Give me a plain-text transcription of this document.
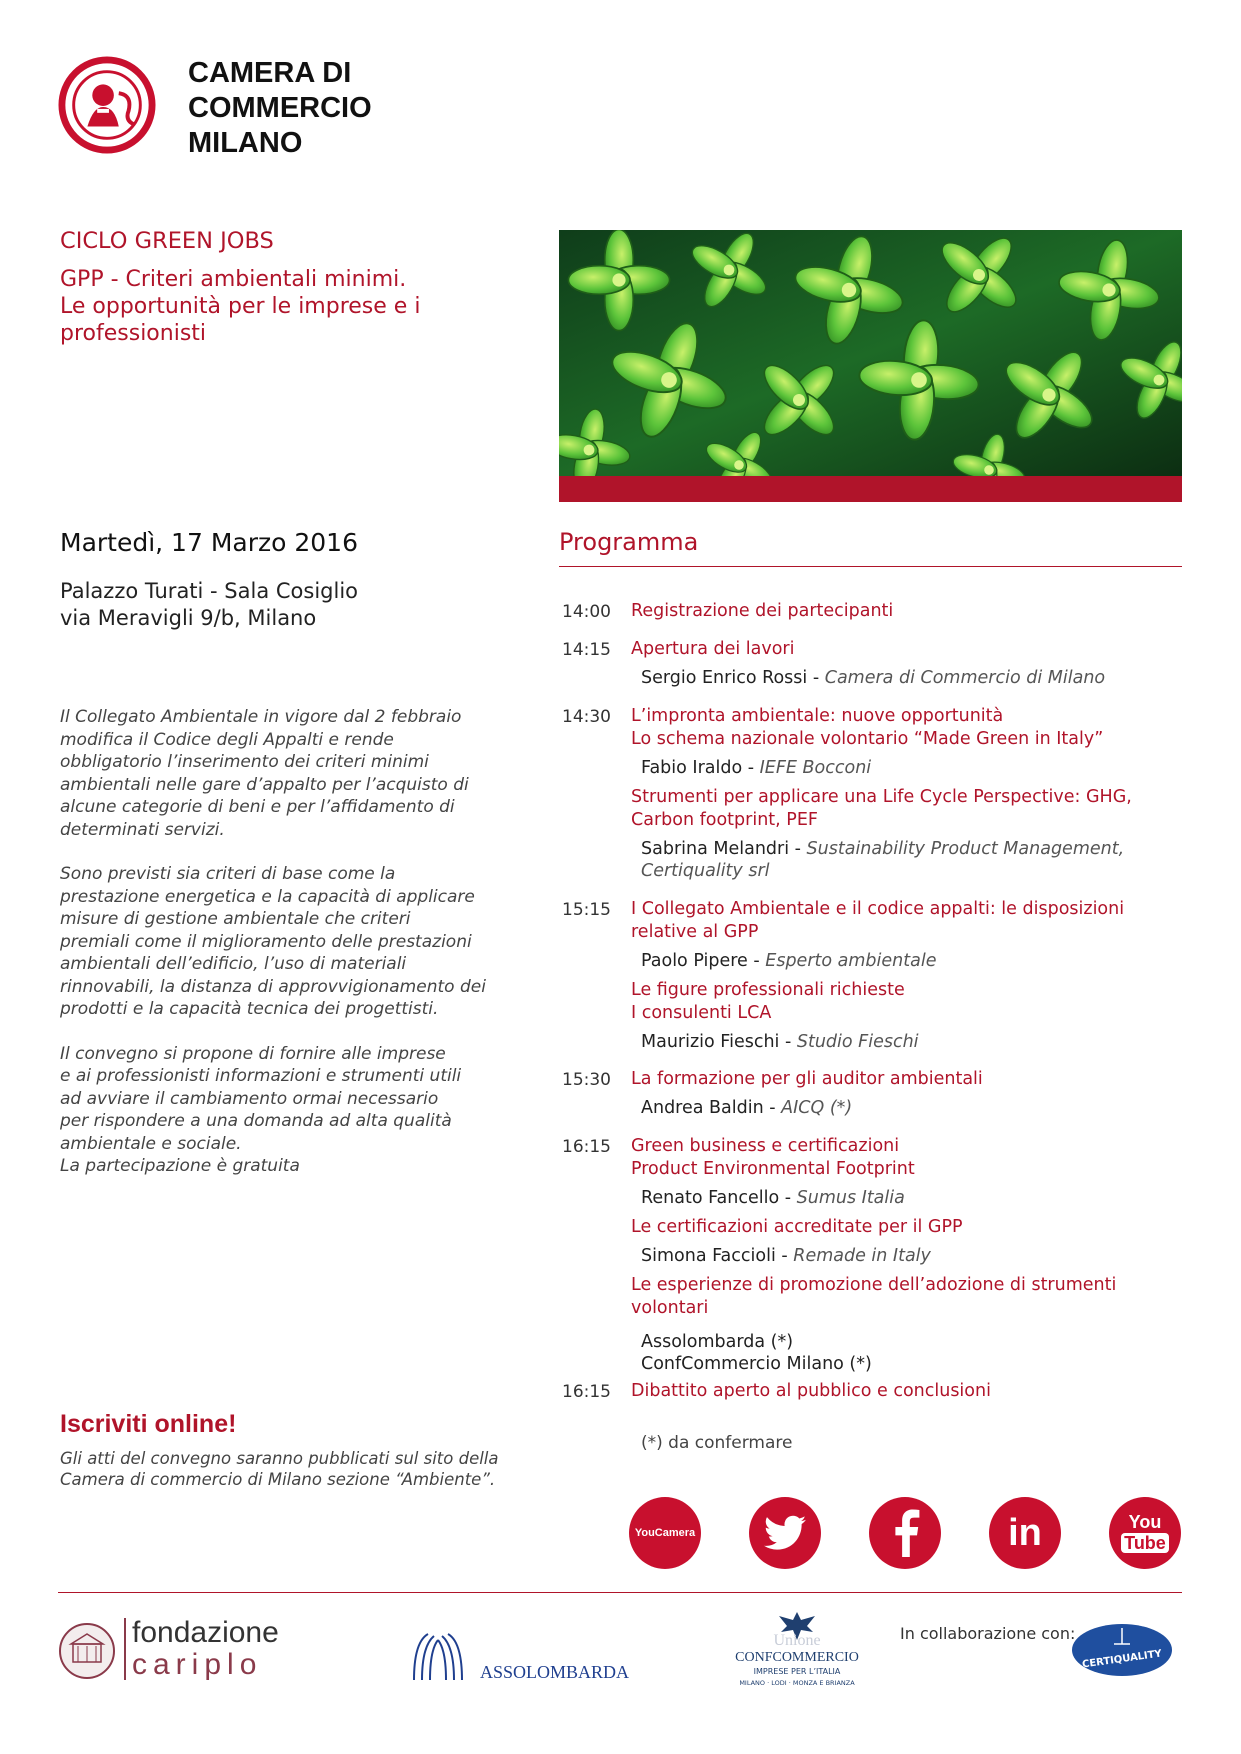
CAMERA DI
COMMERCIO
MILANO
CICLO GREEN JOBS
GPP - Criteri ambientali minimi.
Le opportunità per le imprese e i
professionisti
Martedì, 17 Marzo 2016
Palazzo Turati - Sala Cosiglio
via Meravigli 9/b, Milano

Il Collegato Ambientale in vigore dal 2 febbraio
modifica il Codice degli Appalti e rende
obbligatorio l’inserimento dei criteri minimi
ambientali nelle gare d’appalto per l’acquisto di
alcune categorie di beni e per l’affidamento di
determinati servizi.

Sono previsti sia criteri di base come la
prestazione energetica e la capacità di applicare
misure di gestione ambientale che criteri
premiali come il miglioramento delle prestazioni
ambientali dell’edificio, l’uso di materiali
rinnovabili, la distanza di approvvigionamento dei
prodotti e la capacità tecnica dei progettisti.

Il convegno si propone di fornire alle imprese
e ai professionisti informazioni e strumenti utili
ad avviare il cambiamento ormai necessario
per rispondere a una domanda ad alta qualità
ambientale e sociale.
La partecipazione è gratuita

Iscriviti online!
Gli atti del convegno saranno pubblicati sul sito della
Camera di commercio di Milano sezione “Ambiente”.
Programma
14:00 Registrazione dei partecipanti
14:15 Apertura dei lavori
Sergio Enrico Rossi - Camera di Commercio di Milano
14:30 L’impronta ambientale: nuove opportunità
Lo schema nazionale volontario “Made Green in Italy”
Fabio Iraldo - IEFE Bocconi
Strumenti per applicare una Life Cycle Perspective: GHG,
Carbon footprint, PEF
Sabrina Melandri - Sustainability Product Management,
Certiquality srl
15:15 I Collegato Ambientale e il codice appalti: le disposizioni
relative al GPP
Paolo Pipere - Esperto ambientale
Le figure professionali richieste
I consulenti LCA
Maurizio Fieschi - Studio Fieschi
15:30 La formazione per gli auditor ambientali
Andrea Baldin - AICQ (*)
16:15 Green business e certificazioni
Product Environmental Footprint
Renato Fancello - Sumus Italia
Le certificazioni accreditate per il GPP
Simona Faccioli - Remade in Italy
Le esperienze di promozione dell’adozione di strumenti
volontari
Assolombarda (*)
ConfCommercio Milano (*)
16:15 Dibattito aperto al pubblico e conclusioni
(*) da confermare
YouCamera	in	You
Tube
fondazione
cariplo	ASSOLOMBARDA
Unione
CONFCOMMERCIO
IMPRESE PER L’ITALIA
MILANO · LODI · MONZA E BRIANZA
In collaborazione con:
CERTIQUALITY
